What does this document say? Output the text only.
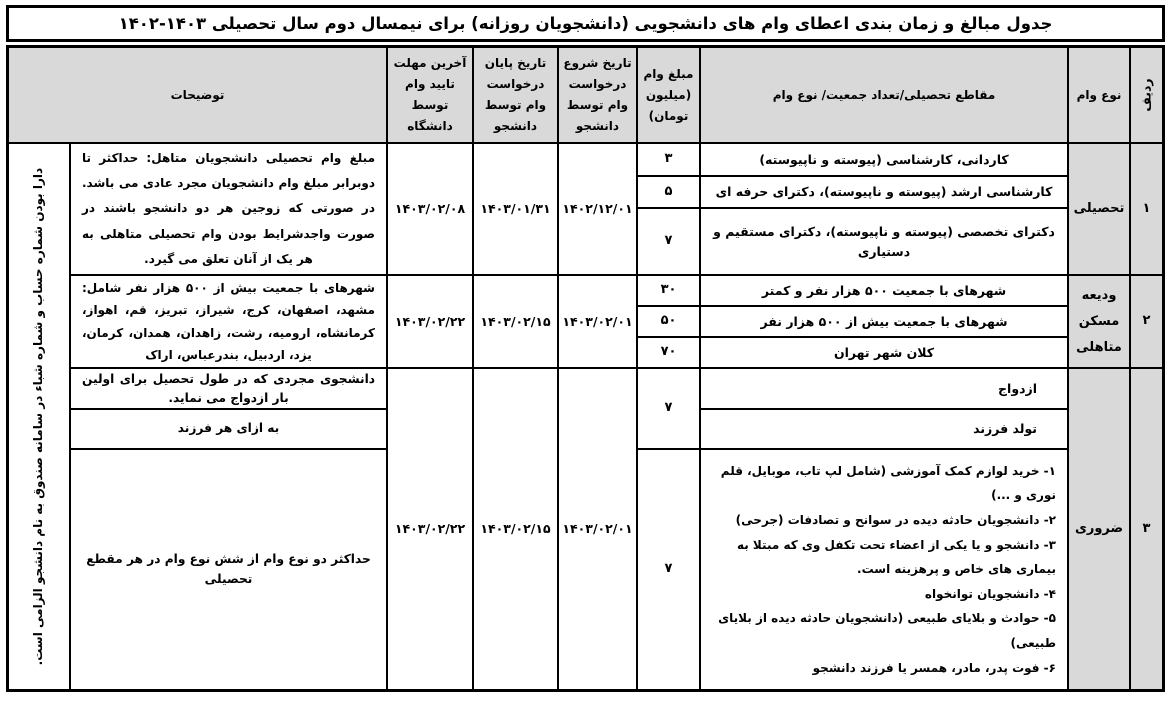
جدول مبالغ و زمان بندی اعطای وام های دانشجویی (دانشجویان روزانه) برای نیمسال دوم سال تحصیلی ۱۴۰۳‏-‏۱۴۰۲
ردیف
نوع وام
مقاطع تحصیلی/تعداد جمعیت/ نوع وام
مبلغ وام (میلیون تومان)
تاریخ شروع درخواست وام توسط دانشجو
تاریخ پایان درخواست وام توسط دانشجو
آخرین مهلت تایید وام توسط دانشگاه
توضیحات
دارا بودن شماره حساب و شماره شباء در سامانه صندوق به نام دانشجو الزامی است.	۱
تحصیلی
کاردانی، کارشناسی (پیوسته و ناپیوسته)
کارشناسی ارشد (پیوسته و ناپیوسته)، دکترای حرفه ای
دکترای تخصصی (پیوسته و ناپیوسته)، دکترای مستقیم و دستیاری
۳
۵
۷
۱۴۰۲/۱۲/۰۱
۱۴۰۳/۰۱/۳۱
۱۴۰۳/۰۲/۰۸
مبلغ وام تحصیلی دانشجویان متاهل: حداکثر تا دوبرابر مبلغ وام دانشجویان مجرد عادی می باشد. در صورتی که زوجین هر دو دانشجو باشند در صورت واجدشرایط بودن وام تحصیلی متاهلی به هر یک از آنان تعلق می گیرد.
۲
ودیعه مسکن متاهلی
شهرهای با جمعیت ۵۰۰ هزار نفر و کمتر
شهرهای با جمعیت بیش از ۵۰۰ هزار نفر
کلان شهر تهران
۳۰
۵۰
۷۰
۱۴۰۳/۰۲/۰۱
۱۴۰۳/۰۲/۱۵
۱۴۰۳/۰۲/۲۲
شهرهای با جمعیت بیش از ۵۰۰ هزار نفر شامل: مشهد، اصفهان، کرج، شیراز، تبریز، قم، اهواز، کرمانشاه، ارومیه، رشت، زاهدان، همدان، کرمان، یزد، اردبیل، بندرعباس، اراک
۳
ضروری
ازدواج
تولد فرزند
۱- خرید لوازم کمک آموزشی (شامل لپ تاب، موبایل، قلم نوری و ...)
۲- دانشجویان حادثه دیده در سوانح و تصادفات (جرحی)
۳- دانشجو و یا یکی از اعضاء تحت تکفل وی که مبتلا به بیماری های خاص و پرهزینه است.
۴- دانشجویان توانخواه
۵- حوادث و بلایای طبیعی (دانشجویان حادثه دیده از بلایای طبیعی)
۶- فوت پدر، مادر، همسر یا فرزند دانشجو
۷
۷
۱۴۰۳/۰۲/۰۱
۱۴۰۳/۰۲/۱۵
۱۴۰۳/۰۲/۲۲
دانشجوی مجردی که در طول تحصیل برای اولین بار ازدواج می نماید.
به ازای هر فرزند
حداکثر دو نوع وام از شش نوع وام در هر مقطع تحصیلی
